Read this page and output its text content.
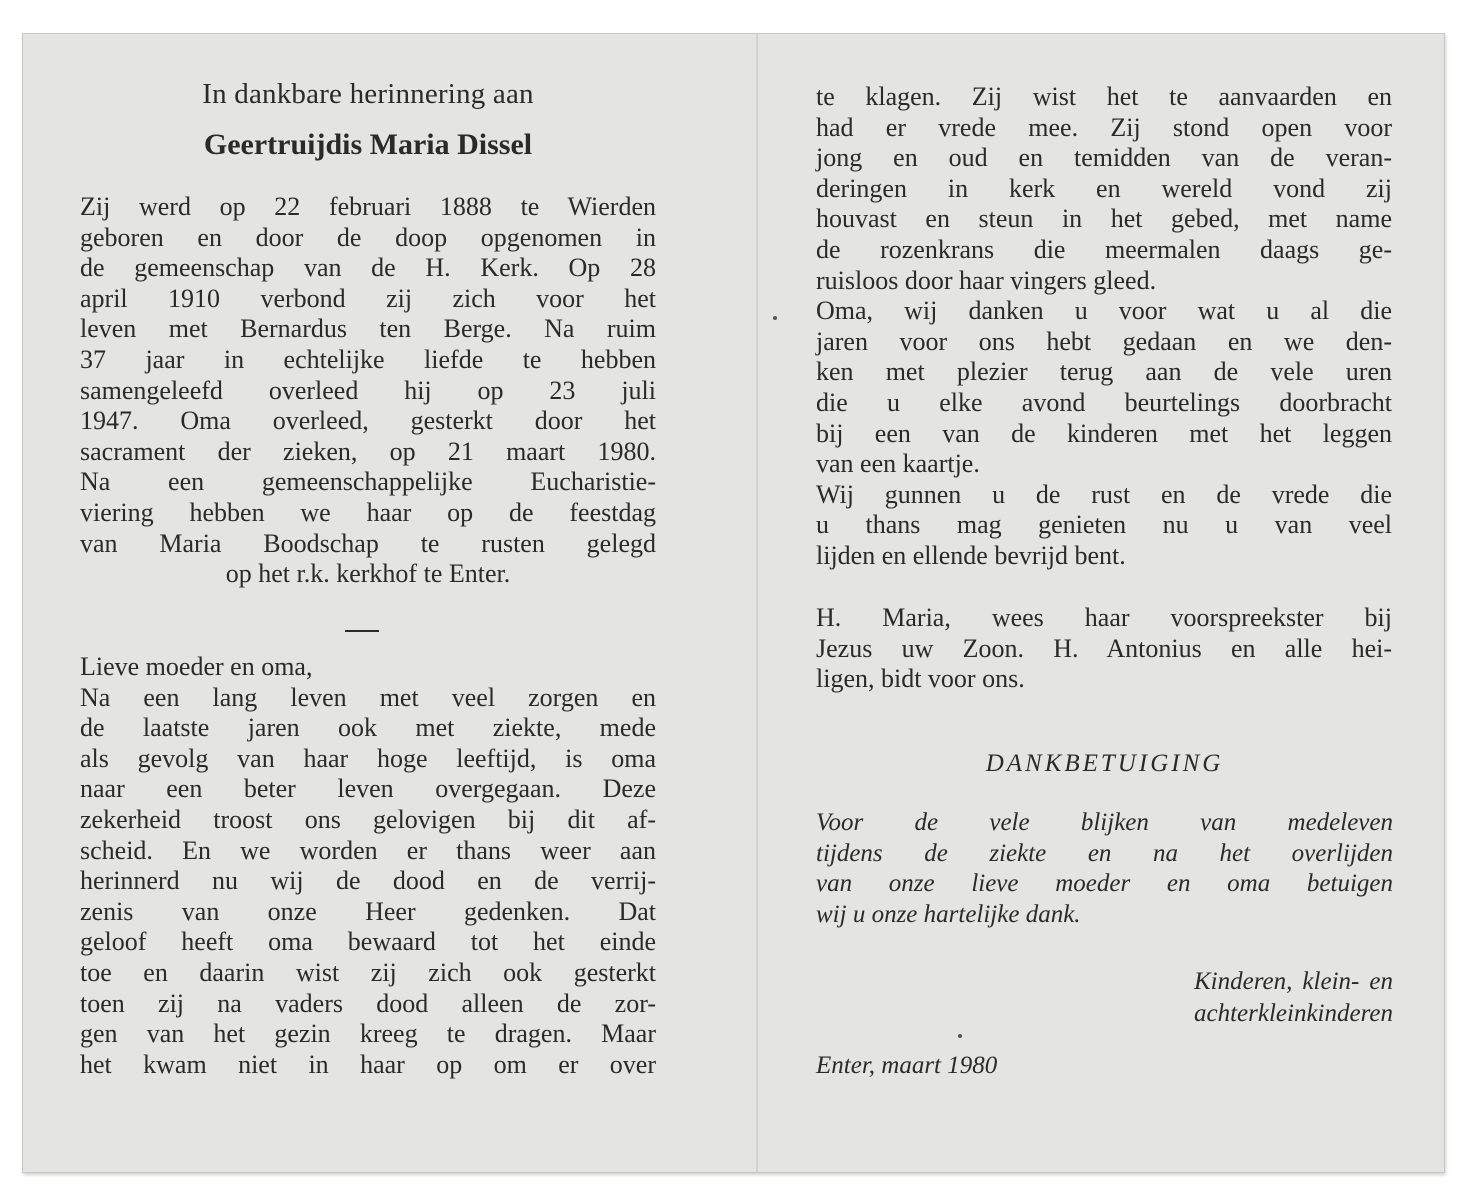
In dankbare herinnering aan
Geertruijdis Maria Dissel
Zij werd op 22 februari 1888 te Wierden
geboren en door de doop opgenomen in
de gemeenschap van de H. Kerk. Op 28
april 1910 verbond zij zich voor het
leven met Bernardus ten Berge. Na ruim
37 jaar in echtelijke liefde te hebben
samengeleefd overleed hij op 23 juli
1947. Oma overleed, gesterkt door het
sacrament der zieken, op 21 maart 1980.
Na een gemeenschappelijke Eucharistie-
viering hebben we haar op de feestdag
van Maria Boodschap te rusten gelegd
op het r.k. kerkhof te Enter.
Lieve moeder en oma,
Na een lang leven met veel zorgen en
de laatste jaren ook met ziekte, mede
als gevolg van haar hoge leeftijd, is oma
naar een beter leven overgegaan. Deze
zekerheid troost ons gelovigen bij dit af-
scheid. En we worden er thans weer aan
herinnerd nu wij de dood en de verrij-
zenis van onze Heer gedenken. Dat
geloof heeft oma bewaard tot het einde
toe en daarin wist zij zich ook gesterkt
toen zij na vaders dood alleen de zor-
gen van het gezin kreeg te dragen. Maar
het kwam niet in haar op om er over
te klagen. Zij wist het te aanvaarden en
had er vrede mee. Zij stond open voor
jong en oud en temidden van de veran-
deringen in kerk en wereld vond zij
houvast en steun in het gebed, met name
de rozenkrans die meermalen daags ge-
ruisloos door haar vingers gleed.
Oma, wij danken u voor wat u al die
jaren voor ons hebt gedaan en we den-
ken met plezier terug aan de vele uren
die u elke avond beurtelings doorbracht
bij een van de kinderen met het leggen
van een kaartje.
Wij gunnen u de rust en de vrede die
u thans mag genieten nu u van veel
lijden en ellende bevrijd bent.
H. Maria, wees haar voorspreekster bij
Jezus uw Zoon. H. Antonius en alle hei-
ligen, bidt voor ons.
DANKBETUIGING
Voor de vele blijken van medeleven
tijdens de ziekte en na het overlijden
van onze lieve moeder en oma betuigen
wij u onze hartelijke dank.
Kinderen, klein- en
achterkleinkinderen
Enter, maart 1980
